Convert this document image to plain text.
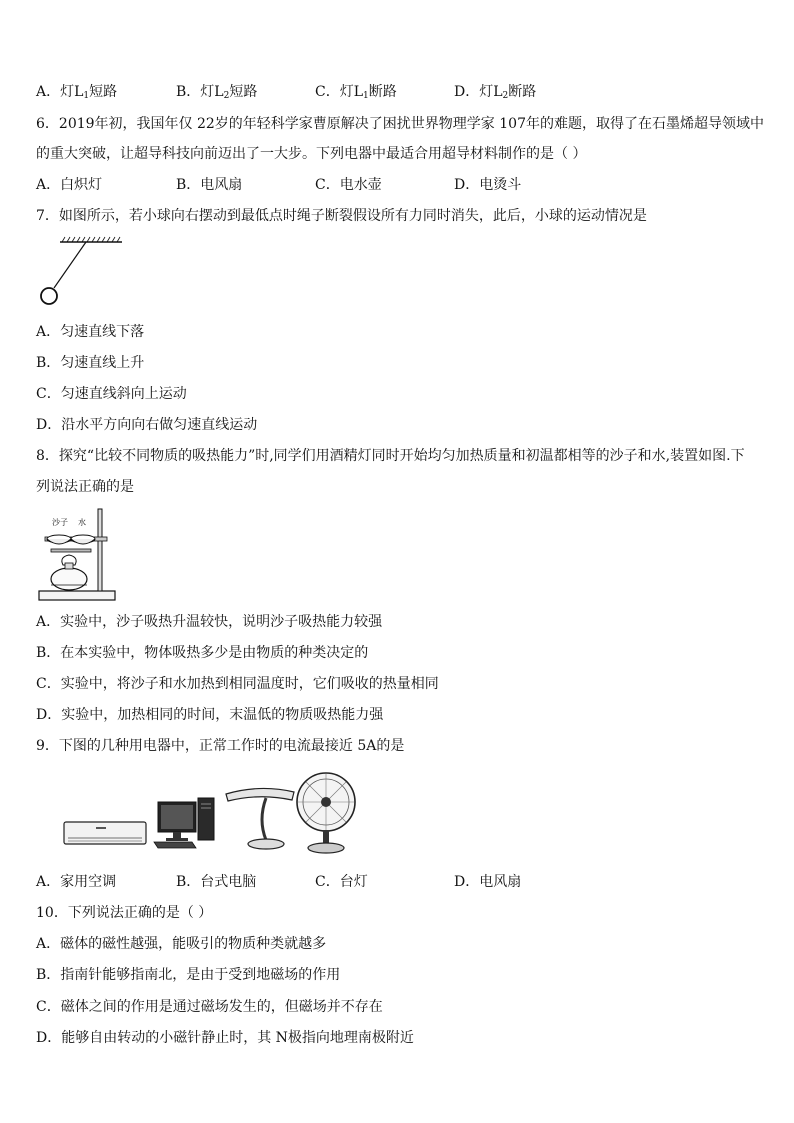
A．灯$L_1$短路	B．灯$L_2$短路	C．灯$L_1$断路	D．灯$L_2$断路
6．2019年初，我国年仅 22岁的年轻科学家曹原解决了困扰世界物理学家 107年的难题，取得了在石墨烯超导领域中
的重大突破，让超导科技向前迈出了一大步。下列电器中最适合用超导材料制作的是（ ）
A．白炽灯	B．电风扇	C．电水壶	D．电烫斗
7．如图所示，若小球向右摆动到最低点时绳子断裂假设所有力同时消失，此后，小球的运动情况是
A．匀速直线下落
B．匀速直线上升
C．匀速直线斜向上运动
D．沿水平方向向右做匀速直线运动
8．探究“比较不同物质的吸热能力”时,同学们用酒精灯同时开始均匀加热质量和初温都相等的沙子和水,装置如图.下
列说法正确的是
沙子 水
A．实验中，沙子吸热升温较快，说明沙子吸热能力较强
B．在本实验中，物体吸热多少是由物质的种类决定的
C．实验中，将沙子和水加热到相同温度时，它们吸收的热量相同
D．实验中，加热相同的时间，末温低的物质吸热能力强
9．下图的几种用电器中，正常工作时的电流最接近 5A的是
A．家用空调	B．台式电脑	C．台灯	D．电风扇
10．下列说法正确的是（ ）
A．磁体的磁性越强，能吸引的物质种类就越多
B．指南针能够指南北，是由于受到地磁场的作用
C．磁体之间的作用是通过磁场发生的，但磁场并不存在
D．能够自由转动的小磁针静止时，其 N极指向地理南极附近
